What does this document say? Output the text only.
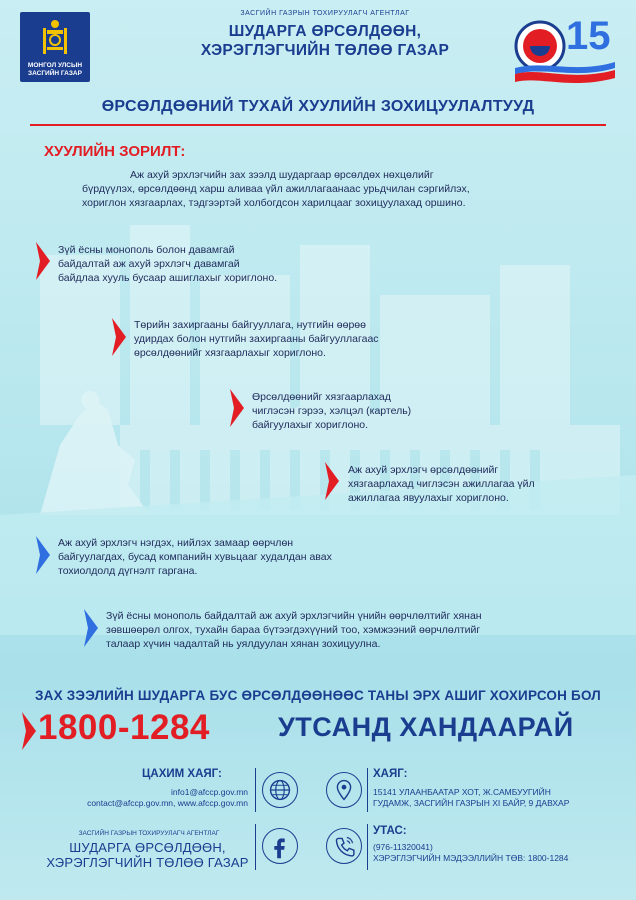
МОНГОЛ УЛСЫН
ЗАСГИЙН ГАЗАР
ЗАСГИЙН ГАЗРЫН ТОХИРУУЛАГЧ АГЕНТЛАГ
ШУДАРГА ӨРСӨЛДӨӨН,
ХЭРЭГЛЭГЧИЙН ТӨЛӨӨ ГАЗАР	15
ӨРСӨЛДӨӨНИЙ ТУХАЙ ХУУЛИЙН ЗОХИЦУУЛАЛТУУД
ХУУЛИЙН ЗОРИЛТ:
Аж ахуй эрхлэгчийн зах зээлд шударгаар өрсөлдөх нөхцөлийг
бүрдүүлэх, өрсөлдөөнд харш аливаа үйл ажиллагаанаас урьдчилан сэргийлэх,
хориглон хязгаарлах, тэдгээртэй холбогдсон харилцааг зохицуулахад оршино.
Зүй ёсны монополь болон давамгай
байдалтай аж ахуй эрхлэгч давамгай
байдлаа хууль бусаар ашиглахыг хориглоно.
Төрийн захиргааны байгууллага, нутгийн өөрөө
удирдах болон нутгийн захиргааны байгууллагаас
өрсөлдөөнийг хязгаарлахыг хориглоно.
Өрсөлдөөнийг хязгаарлахад
чиглэсэн гэрээ, хэлцэл (картель)
байгуулахыг хориглоно.
Аж ахуй эрхлэгч өрсөлдөөнийг
хязгаарлахад чиглэсэн ажиллагаа үйл
ажиллагаа явуулахыг хориглоно.
Аж ахуй эрхлэгч нэгдэх, нийлэх замаар өөрчлөн
байгуулагдах, бусад компанийн хувьцааг худалдан авах
тохиолдолд дүгнэлт гаргана.
Зүй ёсны монополь байдалтай аж ахуй эрхлэгчийн үнийн өөрчлөлтийг хянан
зөвшөөрөл олгох, тухайн бараа бүтээгдэхүүний тоо, хэмжээний өөрчлөлтийг
талаар хүчин чадалтай нь уялдуулан хянан зохицуулна.
ЗАХ ЗЭЭЛИЙН ШУДАРГА БУС ӨРСӨЛДӨӨНӨӨС ТАНЫ ЭРХ АШИГ ХОХИРСОН БОЛ
1800-1284	УТСАНД ХАНДААРАЙ
ЦАХИМ ХАЯГ:
info1@afccp.gov.mn
contact@afccp.gov.mn, www.afccp.gov.mn
ХАЯГ:
15141 УЛААНБААТАР ХОТ, Ж.САМБУУГИЙН
ГУДАМЖ, ЗАСГИЙН ГАЗРЫН XI БАЙР, 9 ДАВХАР
ЗАСГИЙН ГАЗРЫН ТОХИРУУЛАГЧ АГЕНТЛАГ
ШУДАРГА ӨРСӨЛДӨӨН,
ХЭРЭГЛЭГЧИЙН ТӨЛӨӨ ГАЗАР
УТАС:
(976-11320041)
ХЭРЭГЛЭГЧИЙН МЭДЭЭЛЛИЙН ТӨВ: 1800-1284
